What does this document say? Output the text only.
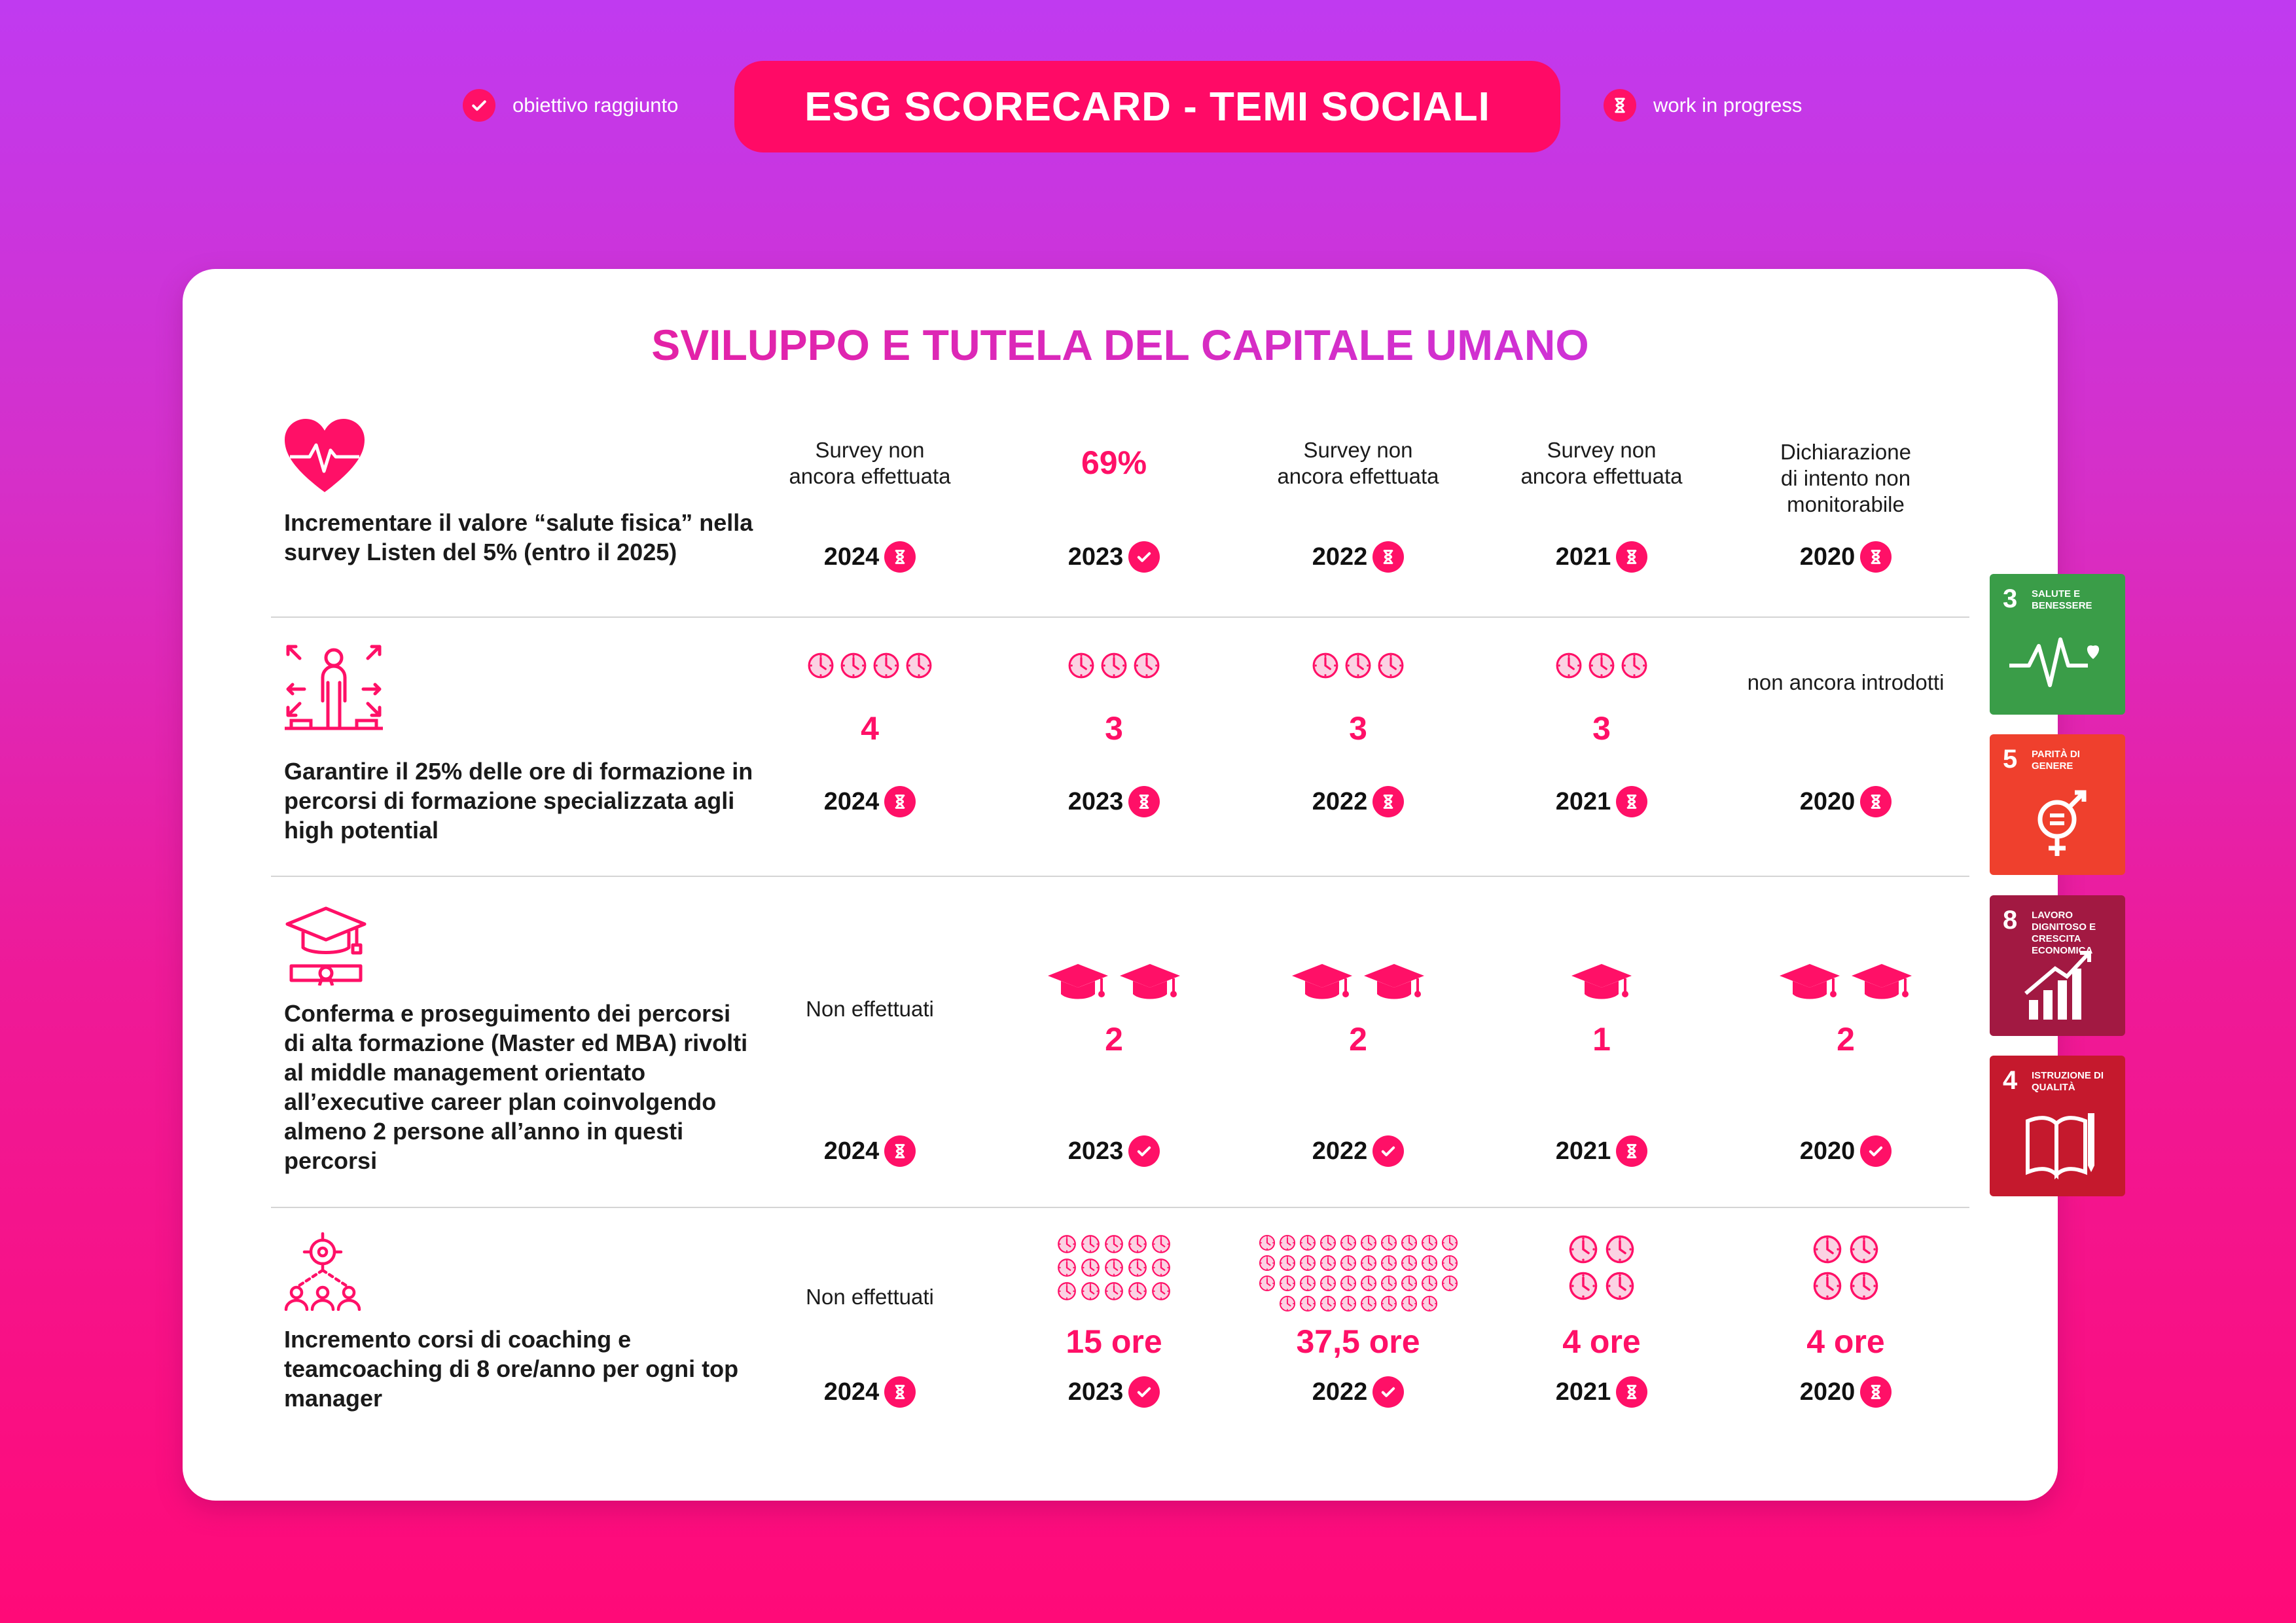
obiettivo raggiunto	ESG SCORECARD - TEMI SOCIALI	work in progress
SVILUPPO E TUTELA DEL CAPITALE UMANO
Incrementare il valore “salute fisica” nella survey Listen del 5% (entro il 2025)
Garantire il 25% delle ore di formazione in percorsi di formazione specializzata agli high potential
Conferma e proseguimento dei percorsi di alta formazione (Master ed MBA) rivolti al middle management orientato all’executive career plan coinvolgendo almeno 2 persone all’anno in questi percorsi
Incremento corsi di coaching e teamcoaching di 8 ore/anno per ogni top manager
Survey non ancora effettuata
2024
69%
2023
Survey non ancora effettuata
2022
Survey non ancora effettuata
2021
Dichiarazione di intento non monitorabile
2020
4
2024
3
2023
3
2022
3
2021
non ancora introdotti
2020
Non effettuati
2024
2
2023
2
2022
1
2021
2
2020
Non effettuati
2024
15 ore
2023
37,5 ore
2022
4 ore
2021
4 ore
2020
3 SALUTE E BENESSERE
5 PARITÀ DI GENERE
8 LAVORO DIGNITOSO E CRESCITA ECONOMICA
4 ISTRUZIONE DI QUALITÀ
